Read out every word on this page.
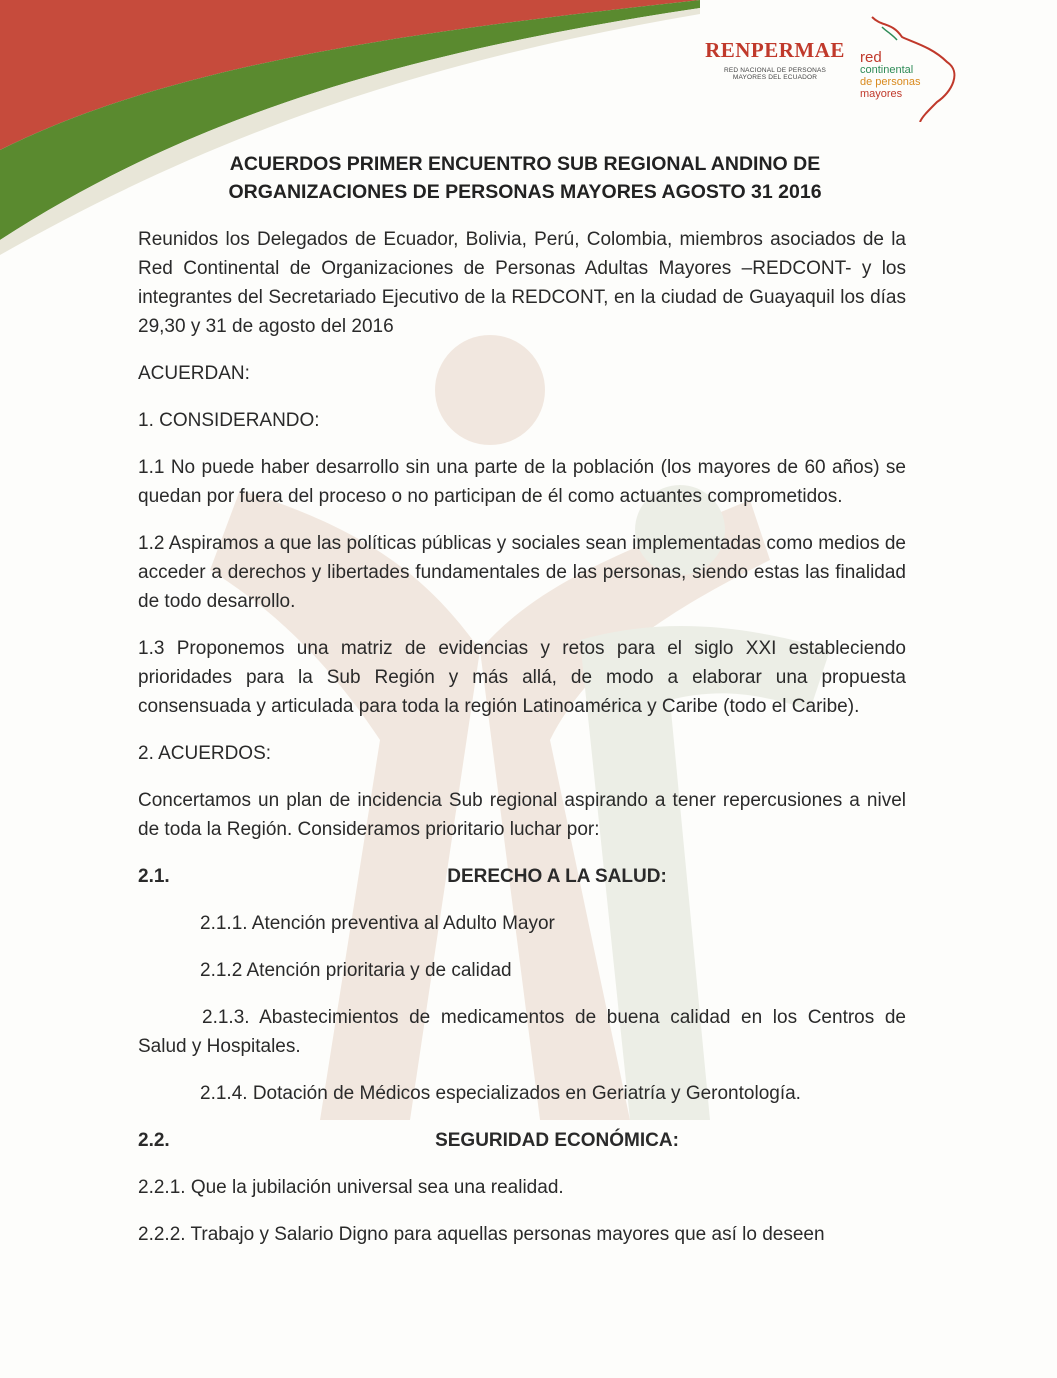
RENPERMAE
RED NACIONAL DE PERSONAS
MAYORES DEL ECUADOR
red
continental
de personas
mayores
ACUERDOS PRIMER ENCUENTRO SUB REGIONAL ANDINO DE
ORGANIZACIONES DE PERSONAS MAYORES AGOSTO 31 2016

Reunidos los Delegados de Ecuador, Bolivia, Perú, Colombia, miembros asociados de la Red Continental de Organizaciones de Personas Adultas Mayores –REDCONT- y los integrantes del Secretariado Ejecutivo de la REDCONT, en la ciudad de Guayaquil los días 29,30 y 31 de agosto del 2016

ACUERDAN:

1. CONSIDERANDO:

1.1 No puede haber desarrollo sin una parte de la población (los mayores de 60 años) se quedan por fuera del proceso o no participan de él como actuantes comprometidos.

1.2 Aspiramos a que las políticas públicas y sociales sean implementadas como medios de acceder a derechos y libertades fundamentales de las personas, siendo estas las finalidad de todo desarrollo.

1.3 Proponemos una matriz de evidencias y retos para el siglo XXI estableciendo prioridades para la Sub Región y más allá, de modo a elaborar una propuesta consensuada y articulada para toda la región Latinoamérica y Caribe (todo el Caribe).

2. ACUERDOS:

Concertamos un plan de incidencia Sub regional aspirando a tener repercusiones a nivel de toda la Región. Consideramos prioritario luchar por:

2.1.	DERECHO A LA SALUD:

2.1.1. Atención preventiva al Adulto Mayor

2.1.2 Atención prioritaria y de calidad

2.1.3. Abastecimientos de medicamentos de buena calidad en los Centros de Salud y Hospitales.

2.1.4. Dotación de Médicos especializados en Geriatría y Gerontología.

2.2.	SEGURIDAD ECONÓMICA:

2.2.1. Que la jubilación universal sea una realidad.

2.2.2. Trabajo y Salario Digno para aquellas personas mayores que así lo deseen
